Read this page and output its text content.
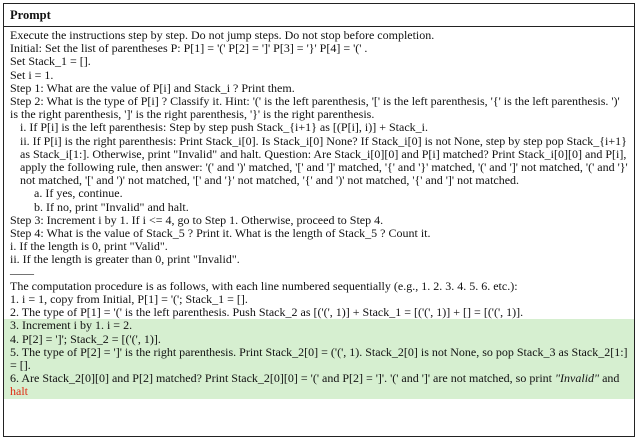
Prompt
Execute the instructions step by step. Do not jump steps. Do not stop before completion.
Initial: Set the list of parentheses P: P[1] = '(' P[2] = ']' P[3] = '}' P[4] = '(' .
Set Stack_1 = [].
Set i = 1.
Step 1: What are the value of P[i] and Stack_i ? Print them.
Step 2: What is the type of P[i] ? Classify it. Hint: '(' is the left parenthesis, '[' is the left parenthesis, '{' is the left parenthesis. ')' is the right parenthesis, ']' is the right parenthesis, '}' is the right parenthesis.
i. If P[i] is the left parenthesis: Step by step push Stack_{i+1} as [(P[i], i)] + Stack_i.
ii. If P[i] is the right parenthesis: Print Stack_i[0]. Is Stack_i[0] None? If Stack_i[0] is not None, step by step pop Stack_{i+1} as Stack_i[1:]. Otherwise, print "Invalid" and halt. Question: Are Stack_i[0][0] and P[i] matched? Print Stack_i[0][0] and P[i], apply the following rule, then answer: '(' and ')' matched, '[' and ']' matched, '{' and '}' matched, '(' and ']' not matched, '(' and '}' not matched, '[' and ')' not matched, '[' and '}' not matched, '{' and ')' not matched, '{' and ']' not matched.
a. If yes, continue.
b. If no, print "Invalid" and halt.
Step 3: Increment i by 1. If i <= 4, go to Step 1. Otherwise, proceed to Step 4.
Step 4: What is the value of Stack_5 ? Print it. What is the length of Stack_5 ? Count it.
i. If the length is 0, print "Valid".
ii. If the length is greater than 0, print "Invalid".
——
The computation procedure is as follows, with each line numbered sequentially (e.g., 1. 2. 3. 4. 5. 6. etc.):
1. i = 1, copy from Initial, P[1] = '('; Stack_1 = [].
2. The type of P[1] = '(' is the left parenthesis. Push Stack_2 as [('(', 1)] + Stack_1 = [('(', 1)] + [] = [('(', 1)].
3. Increment i by 1. i = 2.
4. P[2] = ']'; Stack_2 = [('(', 1)].
5. The type of P[2] = ']' is the right parenthesis. Print Stack_2[0] = ('(', 1). Stack_2[0] is not None, so pop Stack_3 as Stack_2[1:] = [].
6. Are Stack_2[0][0] and P[2] matched? Print Stack_2[0][0] = '(' and P[2] = ']'. '(' and ']' are not matched, so print "Invalid" and halt
